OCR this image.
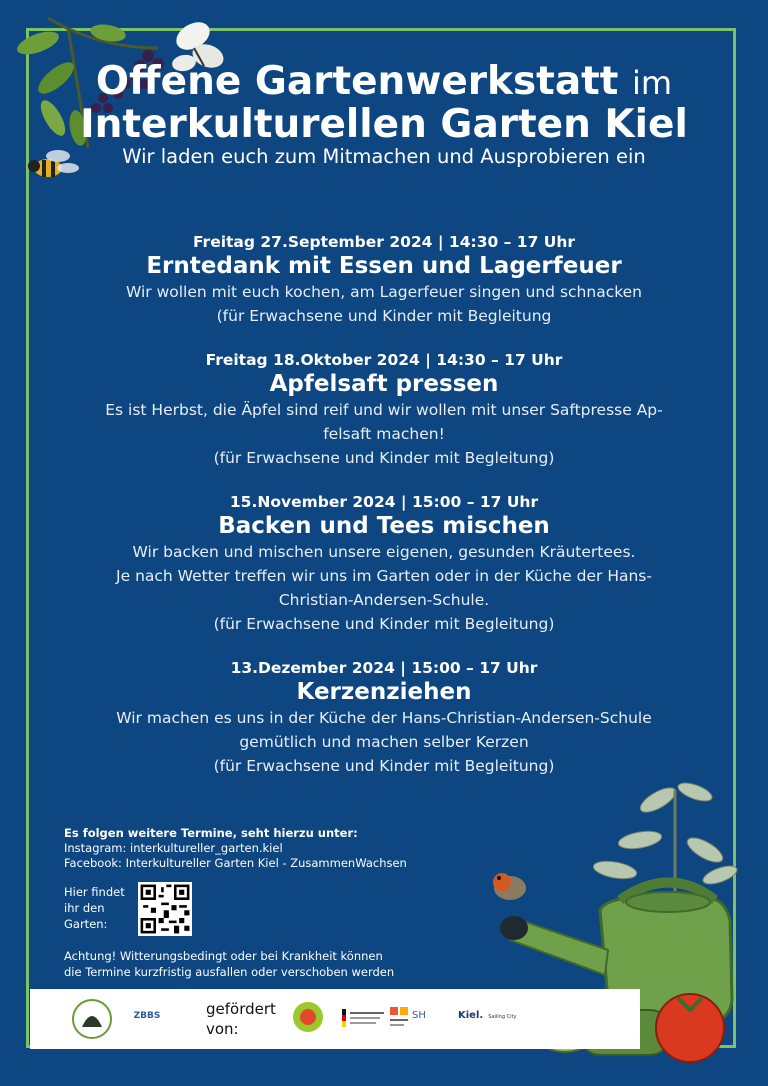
Offene Gartenwerkstatt im
Interkulturellen Garten Kiel
Wir laden euch zum Mitmachen und Ausprobieren ein
Freitag 27.September 2024 | 14:30 – 17 Uhr
Erntedank mit Essen und Lagerfeuer
Wir wollen mit euch kochen, am Lagerfeuer singen und schnacken
(für Erwachsene und Kinder mit Begleitung
Freitag 18.Oktober 2024 | 14:30 – 17 Uhr
Apfelsaft pressen
Es ist Herbst, die Äpfel sind reif und wir wollen mit unser Saftpresse Ap-
felsaft machen!
(für Erwachsene und Kinder mit Begleitung)
15.November 2024 | 15:00 – 17 Uhr
Backen und Tees mischen
Wir backen und mischen unsere eigenen, gesunden Kräutertees.
Je nach Wetter treffen wir uns im Garten oder in der Küche der Hans-
Christian-Andersen-Schule.
(für Erwachsene und Kinder mit Begleitung)
13.Dezember 2024 | 15:00 – 17 Uhr
Kerzenziehen
Wir machen es uns in der Küche der Hans-Christian-Andersen-Schule
gemütlich und machen selber Kerzen
(für Erwachsene und Kinder mit Begleitung)
Es folgen weitere Termine, seht hierzu unter:
Instagram: interkultureller_garten.kiel
Facebook: Interkultureller Garten Kiel - ZusammenWachsen
Hier findet
ihr den
Garten:
Achtung! Witterungsbedingt oder bei Krankheit können
die Termine kurzfristig ausfallen oder verschoben werden
ZBBS	gefördert
von:
SH	Kiel. Sailing City
